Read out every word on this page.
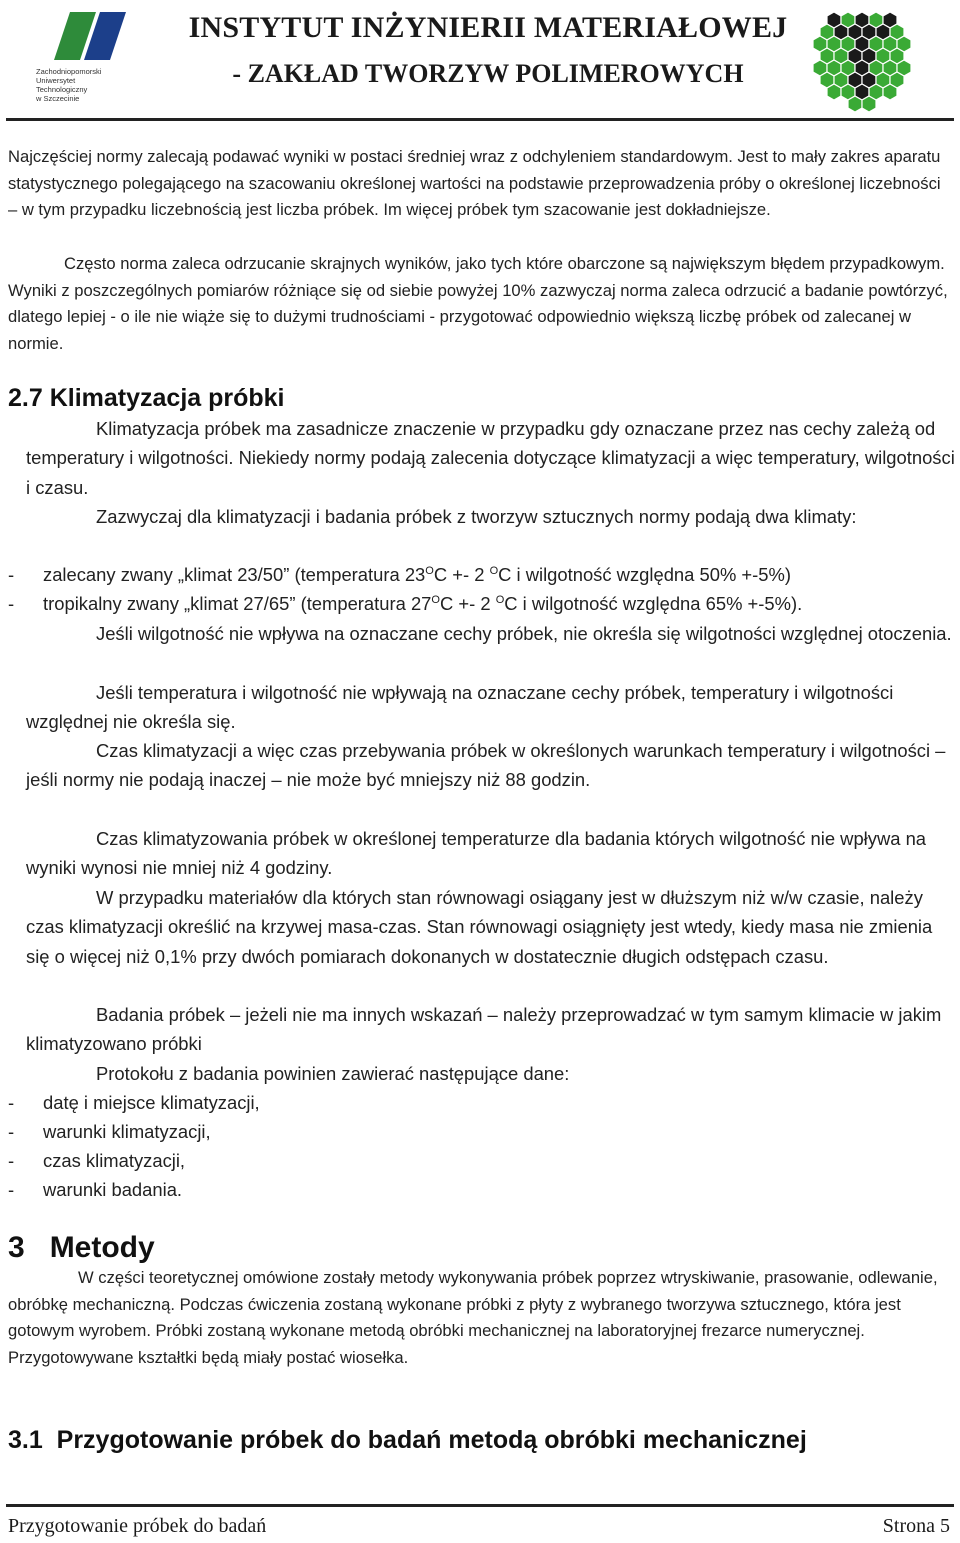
Zachodniopomorski
Uniwersytet
Technologiczny
w Szczecinie
INSTYTUT INŻYNIERII MATERIAŁOWEJ
- ZAKŁAD TWORZYW POLIMEROWYCH

Najczęściej normy zalecają podawać wyniki w postaci średniej wraz z odchyleniem standardowym. Jest to mały zakres aparatu statystycznego polegającego na szacowaniu określonej wartości na podstawie przeprowadzenia próby o określonej liczebności – w tym przypadku liczebnością jest liczba próbek. Im więcej próbek tym szacowanie jest dokładniejsze.

Często norma zaleca odrzucanie skrajnych wyników, jako tych które obarczone są największym błędem przypadkowym. Wyniki z poszczególnych pomiarów różniące się od siebie powyżej 10% zazwyczaj norma zaleca odrzucić a badanie powtórzyć, dlatego lepiej - o ile nie wiąże się to dużymi trudnościami - przygotować odpowiednio większą liczbę próbek od zalecanej w normie.

2.7 Klimatyzacja próbki

Klimatyzacja próbek ma zasadnicze znaczenie w przypadku gdy oznaczane przez nas cechy zależą od temperatury i wilgotności. Niekiedy normy podają zalecenia dotyczące klimatyzacji a więc temperatury, wilgotności i czasu.

Zazwyczaj dla klimatyzacji i badania próbek z tworzyw sztucznych normy podają dwa klimaty:

- zalecany zwany „klimat 23/50” (temperatura $23^OC +- 2$ $^O$C i wilgotność względna 50% +-5%)
- tropikalny zwany „klimat 27/65” (temperatura $27^OC +- 2$ $^O$C i wilgotność względna 65% +-5%).

Jeśli wilgotność nie wpływa na oznaczane cechy próbek, nie określa się wilgotności względnej otoczenia.

Jeśli temperatura i wilgotność nie wpływają na oznaczane cechy próbek, temperatury i wilgotności względnej nie określa się.

Czas klimatyzacji a więc czas przebywania próbek w określonych warunkach temperatury i wilgotności – jeśli normy nie podają inaczej – nie może być mniejszy niż 88 godzin.

Czas klimatyzowania próbek w określonej temperaturze dla badania których wilgotność nie wpływa na wyniki wynosi nie mniej niż 4 godziny.

W przypadku materiałów dla których stan równowagi osiągany jest w dłuższym niż w/w czasie, należy czas klimatyzacji określić na krzywej masa-czas. Stan równowagi osiągnięty jest wtedy, kiedy masa nie zmienia się o więcej niż 0,1% przy dwóch pomiarach dokonanych w dostatecznie długich odstępach czasu.

Badania próbek – jeżeli nie ma innych wskazań – należy przeprowadzać w tym samym klimacie w jakim klimatyzowano próbki

Protokołu z badania powinien zawierać następujące dane:

- datę i miejsce klimatyzacji,
- warunki klimatyzacji,
- czas klimatyzacji,
- warunki badania.
3   Metody

W części teoretycznej omówione zostały metody wykonywania próbek poprzez wtryskiwanie, prasowanie, odlewanie, obróbkę mechaniczną. Podczas ćwiczenia zostaną wykonane próbki z płyty z wybranego tworzywa sztucznego, która jest gotowym wyrobem. Próbki zostaną wykonane metodą obróbki mechanicznej na laboratoryjnej frezarce numerycznej. Przygotowywane kształtki będą miały postać wiosełka.

3.1  Przygotowanie próbek do badań metodą obróbki mechanicznej
Przygotowanie próbek do badań	Strona 5
